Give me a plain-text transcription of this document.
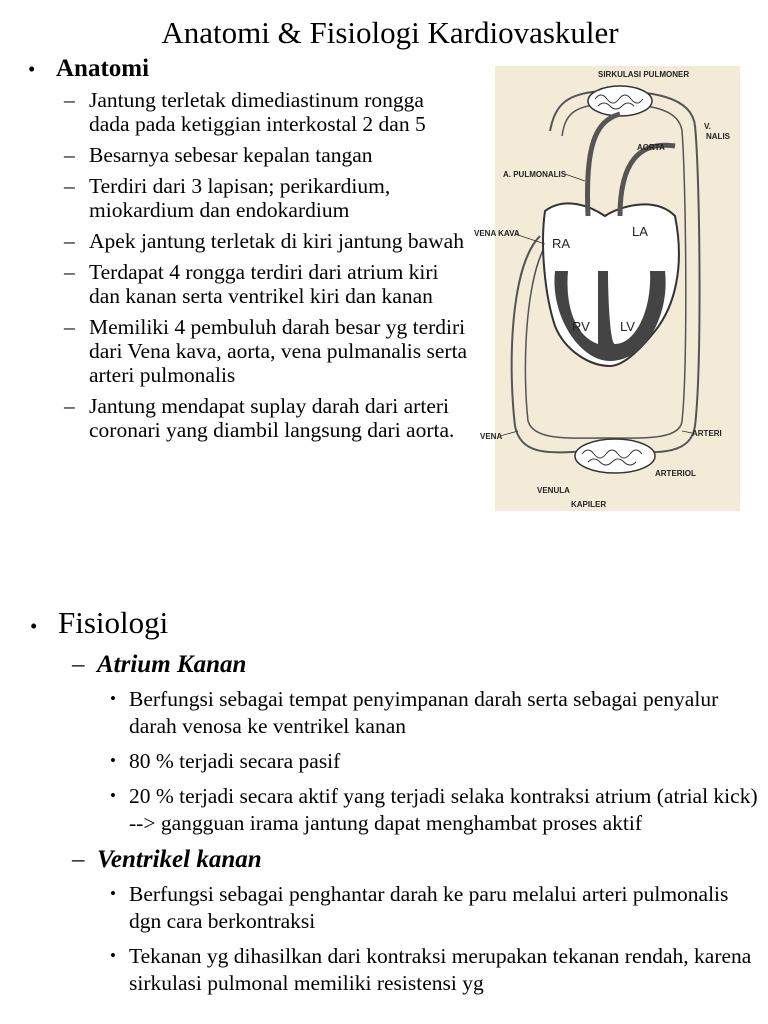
Anatomi & Fisiologi Kardiovaskuler
• Anatomi
– Jantung terletak dimediastinum rongga dada pada ketiggian interkostal 2 dan 5
– Besarnya sebesar kepalan tangan
– Terdiri dari 3 lapisan; perikardium, miokardium dan endokardium
– Apek jantung terletak di kiri jantung bawah
– Terdapat 4 rongga terdiri dari atrium kiri dan kanan serta ventrikel kiri dan kanan
– Memiliki 4 pembuluh darah besar yg terdiri dari Vena kava, aorta, vena pulmanalis serta arteri pulmonalis
– Jantung mendapat suplay darah dari arteri coronari yang diambil langsung dari aorta.
SIRKULASI PULMONER
V.
NALIS
AORTA
A. PULMONALIS
VENA KAVA
RA
LA
RV LV
VENA	ARTERI
ARTERIOL
VENULA
KAPILER
• Fisiologi
– Atrium Kanan
• Berfungsi sebagai tempat penyimpanan darah serta sebagai penyalur darah venosa ke ventrikel kanan
• 80 % terjadi secara pasif
• 20 % terjadi secara aktif yang terjadi selaka kontraksi atrium (atrial kick) --> gangguan irama jantung dapat menghambat proses aktif
– Ventrikel kanan
• Berfungsi sebagai penghantar darah ke paru melalui arteri pulmonalis dgn cara berkontraksi
• Tekanan yg dihasilkan dari kontraksi merupakan tekanan rendah, karena sirkulasi pulmonal memiliki resistensi yg
